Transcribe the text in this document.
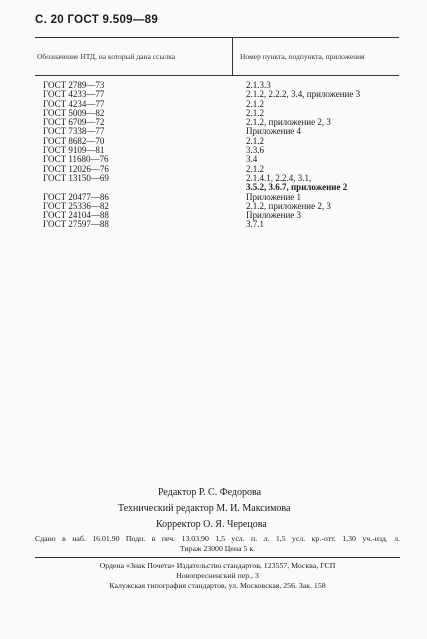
С. 20 ГОСТ 9.509—89
Обозначение НТД, на который дана ссылка	Номер пункта, подпункта, приложения
ГОСТ 2789—73	2.1.3.3
ГОСТ 4233—77	2.1.2, 2.2.2, 3.4, приложение 3
ГОСТ 4234—77	2.1.2
ГОСТ 5009—82	2.1.2
ГОСТ 6709—72	2.1.2, приложение 2, 3
ГОСТ 7338—77	Приложение 4
ГОСТ 8682—70	2.1.2
ГОСТ 9109—81	3.3.6
ГОСТ 11680—76	3.4
ГОСТ 12026—76	2.1.2
ГОСТ 13150—69	2.1.4.1, 2.2.4, 3.1,
3.5.2, 3.6.7, приложение 2
ГОСТ 20477—86	Приложение 1
ГОСТ 25336—82	2.1.2, приложение 2, 3
ГОСТ 24104—88	Приложение 3
ГОСТ 27597—88	3.7.1
Редактор Р. С. Федорова
Технический редактор М. И. Максимова
Корректор О. Я. Черецова
Сдано в наб. 16.01.90 Подп. в печ. 13.03.90 1,5 усл. п. л. 1,5 усл. кр.-отт. 1,30 уч.-изд. л.
Тираж 23000 Цена 5 к.
Ордена «Знак Почета» Издательство стандартов, 123557, Москва, ГСП
Новопресненский пер., 3
Калужская типография стандартов, ул. Московская, 256. Зак. 158
